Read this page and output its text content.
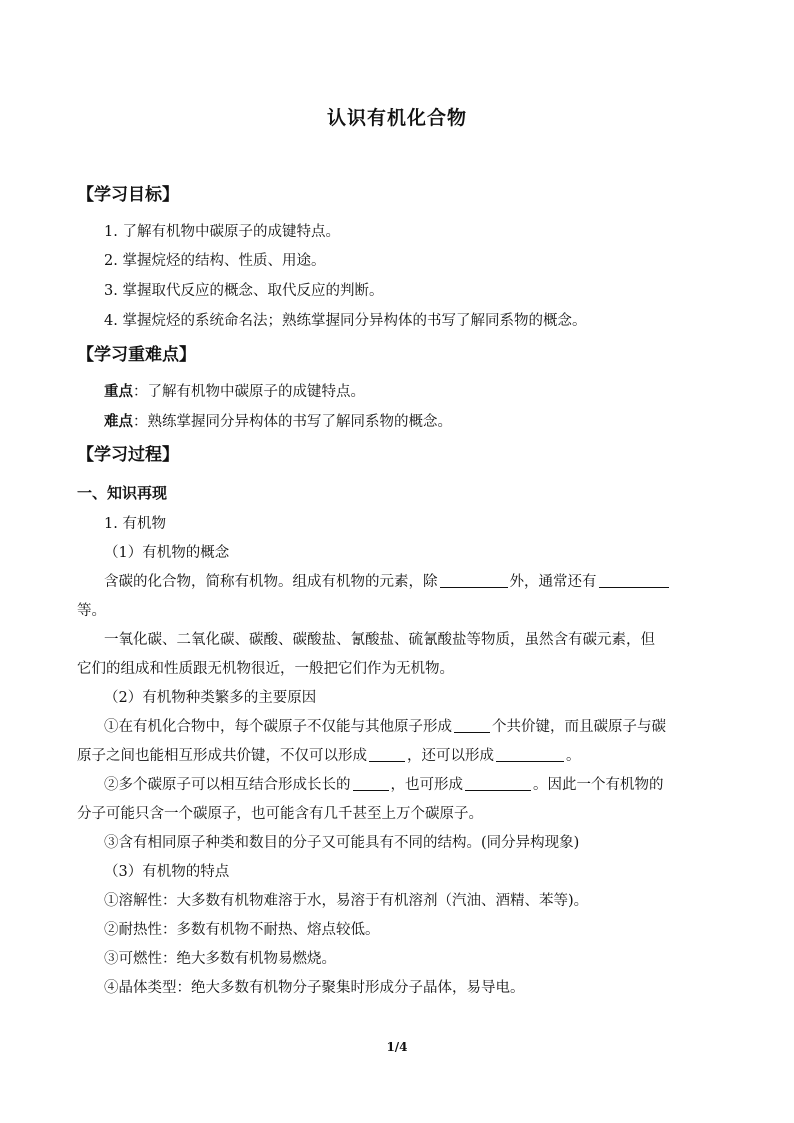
认识有机化合物
【学习目标】
1. 了解有机物中碳原子的成键特点。
2. 掌握烷烃的结构、性质、用途。
3. 掌握取代反应的概念、取代反应的判断。
4. 掌握烷烃的系统命名法；熟练掌握同分异构体的书写了解同系物的概念。
【学习重难点】
重点：了解有机物中碳原子的成键特点。
难点：熟练掌握同分异构体的书写了解同系物的概念。
【学习过程】
一、知识再现
1. 有机物
（1）有机物的概念
含碳的化合物，简称有机物。组成有机物的元素，除	外，通常还有
等。
一氧化碳、二氧化碳、碳酸、碳酸盐、氰酸盐、硫氰酸盐等物质，虽然含有碳元素，但
它们的组成和性质跟无机物很近，一般把它们作为无机物。
（2）有机物种类繁多的主要原因
①在有机化合物中，每个碳原子不仅能与其他原子形成	个共价键，而且碳原子与碳
原子之间也能相互形成共价键，不仅可以形成	，还可以形成	。
②多个碳原子可以相互结合形成长长的	，也可形成	。因此一个有机物的
分子可能只含一个碳原子，也可能含有几千甚至上万个碳原子。
③含有相同原子种类和数目的分子又可能具有不同的结构。(同分异构现象)
（3）有机物的特点
①溶解性：大多数有机物难溶于水，易溶于有机溶剂（汽油、酒精、苯等)。
②耐热性：多数有机物不耐热、熔点较低。
③可燃性：绝大多数有机物易燃烧。
④晶体类型：绝大多数有机物分子聚集时形成分子晶体，易导电。
1/4
